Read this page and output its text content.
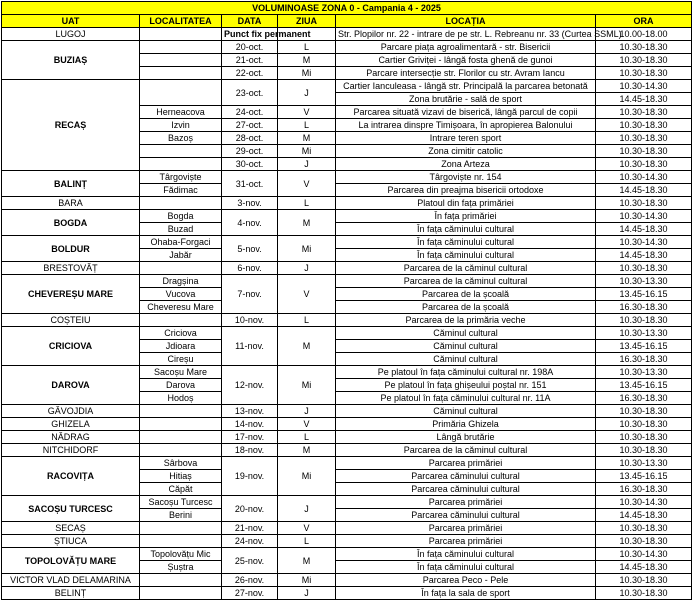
VOLUMINOASE ZONA 0 - Campania 4 - 2025					
UAT	LOCALITATEA	DATA	ZIUA	LOCAȚIA	ORA
LUGOJ		Punct fix permanent		Str. Plopilor nr. 22 - intrare de pe str. L. Rebreanu nr. 33 (Curtea SSML)	10.00-18.00
BUZIAȘ		20-oct.	L	Parcare piața agroalimentară - str. Bisericii	10.30-18.30
		21-oct.	M	Cartier Griviței - lângă fosta ghenă de gunoi	10.30-18.30
		22-oct.	Mi	Parcare intersecție str. Florilor cu str. Avram Iancu	10.30-18.30
RECAȘ		23-oct.	J	Cartier Ianculeasa - lângă str. Principală la parcarea betonată	10.30-14.30
				Zona brutărie - sală de sport	14.45-18.30
	Herneacova	24-oct.	V	Parcarea situată vizavi de biserică, lângă parcul de copii	10.30-18.30
	Izvin	27-oct.	L	La intrarea dinspre Timișoara, în apropierea Balonului	10.30-18.30
	Bazoș	28-oct.	M	Intrare teren sport	10.30-18.30
		29-oct.	Mi	Zona cimitir catolic	10.30-18.30
		30-oct.	J	Zona Arteza	10.30-18.30
BALINȚ	Târgoviște	31-oct.	V	Târgoviște nr. 154	10.30-14.30
	Fădimac			Parcarea din preajma bisericii ortodoxe	14.45-18.30
BARA		3-nov.	L	Platoul din fața primăriei	10.30-18.30
BOGDA	Bogda	4-nov.	M	În fața primăriei	10.30-14.30
	Buzad			În fața căminului cultural	14.45-18.30
BOLDUR	Ohaba-Forgaci	5-nov.	Mi	În fața căminului cultural	10.30-14.30
	Jabăr			În fața căminului cultural	14.45-18.30
BRESTOVĂȚ		6-nov.	J	Parcarea de la căminul cultural	10.30-18.30
CHEVEREȘU MARE	Dragșina	7-nov.	V	Parcarea de la căminul cultural	10.30-13.30
	Vucova			Parcarea de la școală	13.45-16.15
	Cheveresu Mare			Parcarea de la școală	16.30-18.30
COȘTEIU		10-nov.	L	Parcarea de la primăria veche	10.30-18.30
CRICIOVA	Criciova	11-nov.	M	Căminul cultural	10.30-13.30
	Jdioara			Căminul cultural	13.45-16.15
	Cireșu			Căminul cultural	16.30-18.30
DAROVA	Sacoșu Mare	12-nov.	Mi	Pe platoul în fața căminului cultural nr. 198A	10.30-13.30
	Darova			Pe platoul în fața ghișeului poștal nr. 151	13.45-16.15
	Hodoș			Pe platoul în fața căminului cultural nr. 11A	16.30-18.30
GĂVOJDIA		13-nov.	J	Căminul cultural	10.30-18.30
GHIZELA		14-nov.	V	Primăria Ghizela	10.30-18.30
NĂDRAG		17-nov.	L	Lângă brutărie	10.30-18.30
NITCHIDORF		18-nov.	M	Parcarea de la căminul cultural	10.30-18.30
RACOVIȚA	Sârbova	19-nov.	Mi	Parcarea primăriei	10.30-13.30
	Hitiaș			Parcarea căminului cultural	13.45-16.15
	Căpăt			Parcarea căminului cultural	16.30-18.30
SACOȘU TURCESC	Sacoșu Turcesc	20-nov.	J	Parcarea primăriei	10.30-14.30
	Berini			Parcarea căminului cultural	14.45-18.30
SECAȘ		21-nov.	V	Parcarea primăriei	10.30-18.30
ȘTIUCA		24-nov.	L	Parcarea primăriei	10.30-18.30
TOPOLOVĂȚU MARE	Topolovățu Mic	25-nov.	M	În fața căminului cultural	10.30-14.30
	Șuștra			În fața căminului cultural	14.45-18.30
VICTOR VLAD DELAMARINA		26-nov.	Mi	Parcarea Peco - Pele	10.30-18.30
BELINȚ		27-nov.	J	În fața la sala de sport	10.30-18.30
